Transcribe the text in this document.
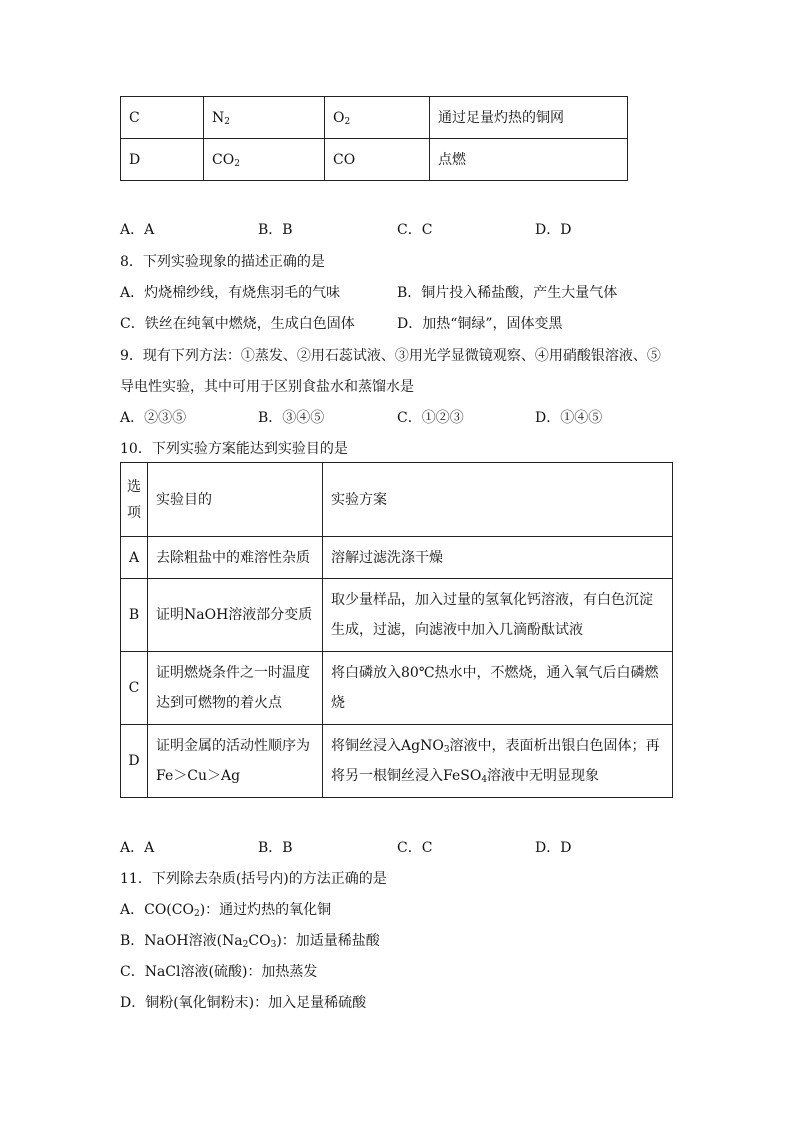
C	$N_2$	$O_2$	通过足量灼热的铜网
D	$CO_2$	CO	点燃
A．A	B．B	C．C	D．D
8．下列实验现象的描述正确的是
A．灼烧棉纱线，有烧焦羽毛的气味	B．铜片投入稀盐酸，产生大量气体
C．铁丝在纯氧中燃烧，生成白色固体	D．加热“铜绿”，固体变黑
9．现有下列方法：①蒸发、②用石蕊试液、③用光学显微镜观察、④用硝酸银溶液、⑤
导电性实验，其中可用于区别食盐水和蒸馏水是
A．②③⑤	B．③④⑤	C．①②③	D．①④⑤
10．下列实验方案能达到实验目的是
选
项	实验目的	实验方案
A	去除粗盐中的难溶性杂质	溶解过滤洗涤干燥
B	证明NaOH溶液部分变质	取少量样品，加入过量的氢氧化钙溶液，有白色沉淀
生成，过滤，向滤液中加入几滴酚酞试液
C	证明燃烧条件之一时温度
达到可燃物的着火点	将白磷放入80℃热水中，不燃烧，通入氧气后白磷燃
烧
D	证明金属的活动性顺序为
Fe＞Cu＞Ag	将铜丝浸入AgNO$_3$溶液中，表面析出银白色固体；再
将另一根铜丝浸入FeSO$_4$溶液中无明显现象
A．A	B．B	C．C	D．D
11．下列除去杂质(括号内)的方法正确的是
A．$CO(CO_2)$：通过灼热的氧化铜
B．NaOH溶液$(Na_2CO_3)$：加适量稀盐酸
C．NaCl溶液(硫酸)：加热蒸发
D．铜粉(氧化铜粉末)：加入足量稀硫酸
